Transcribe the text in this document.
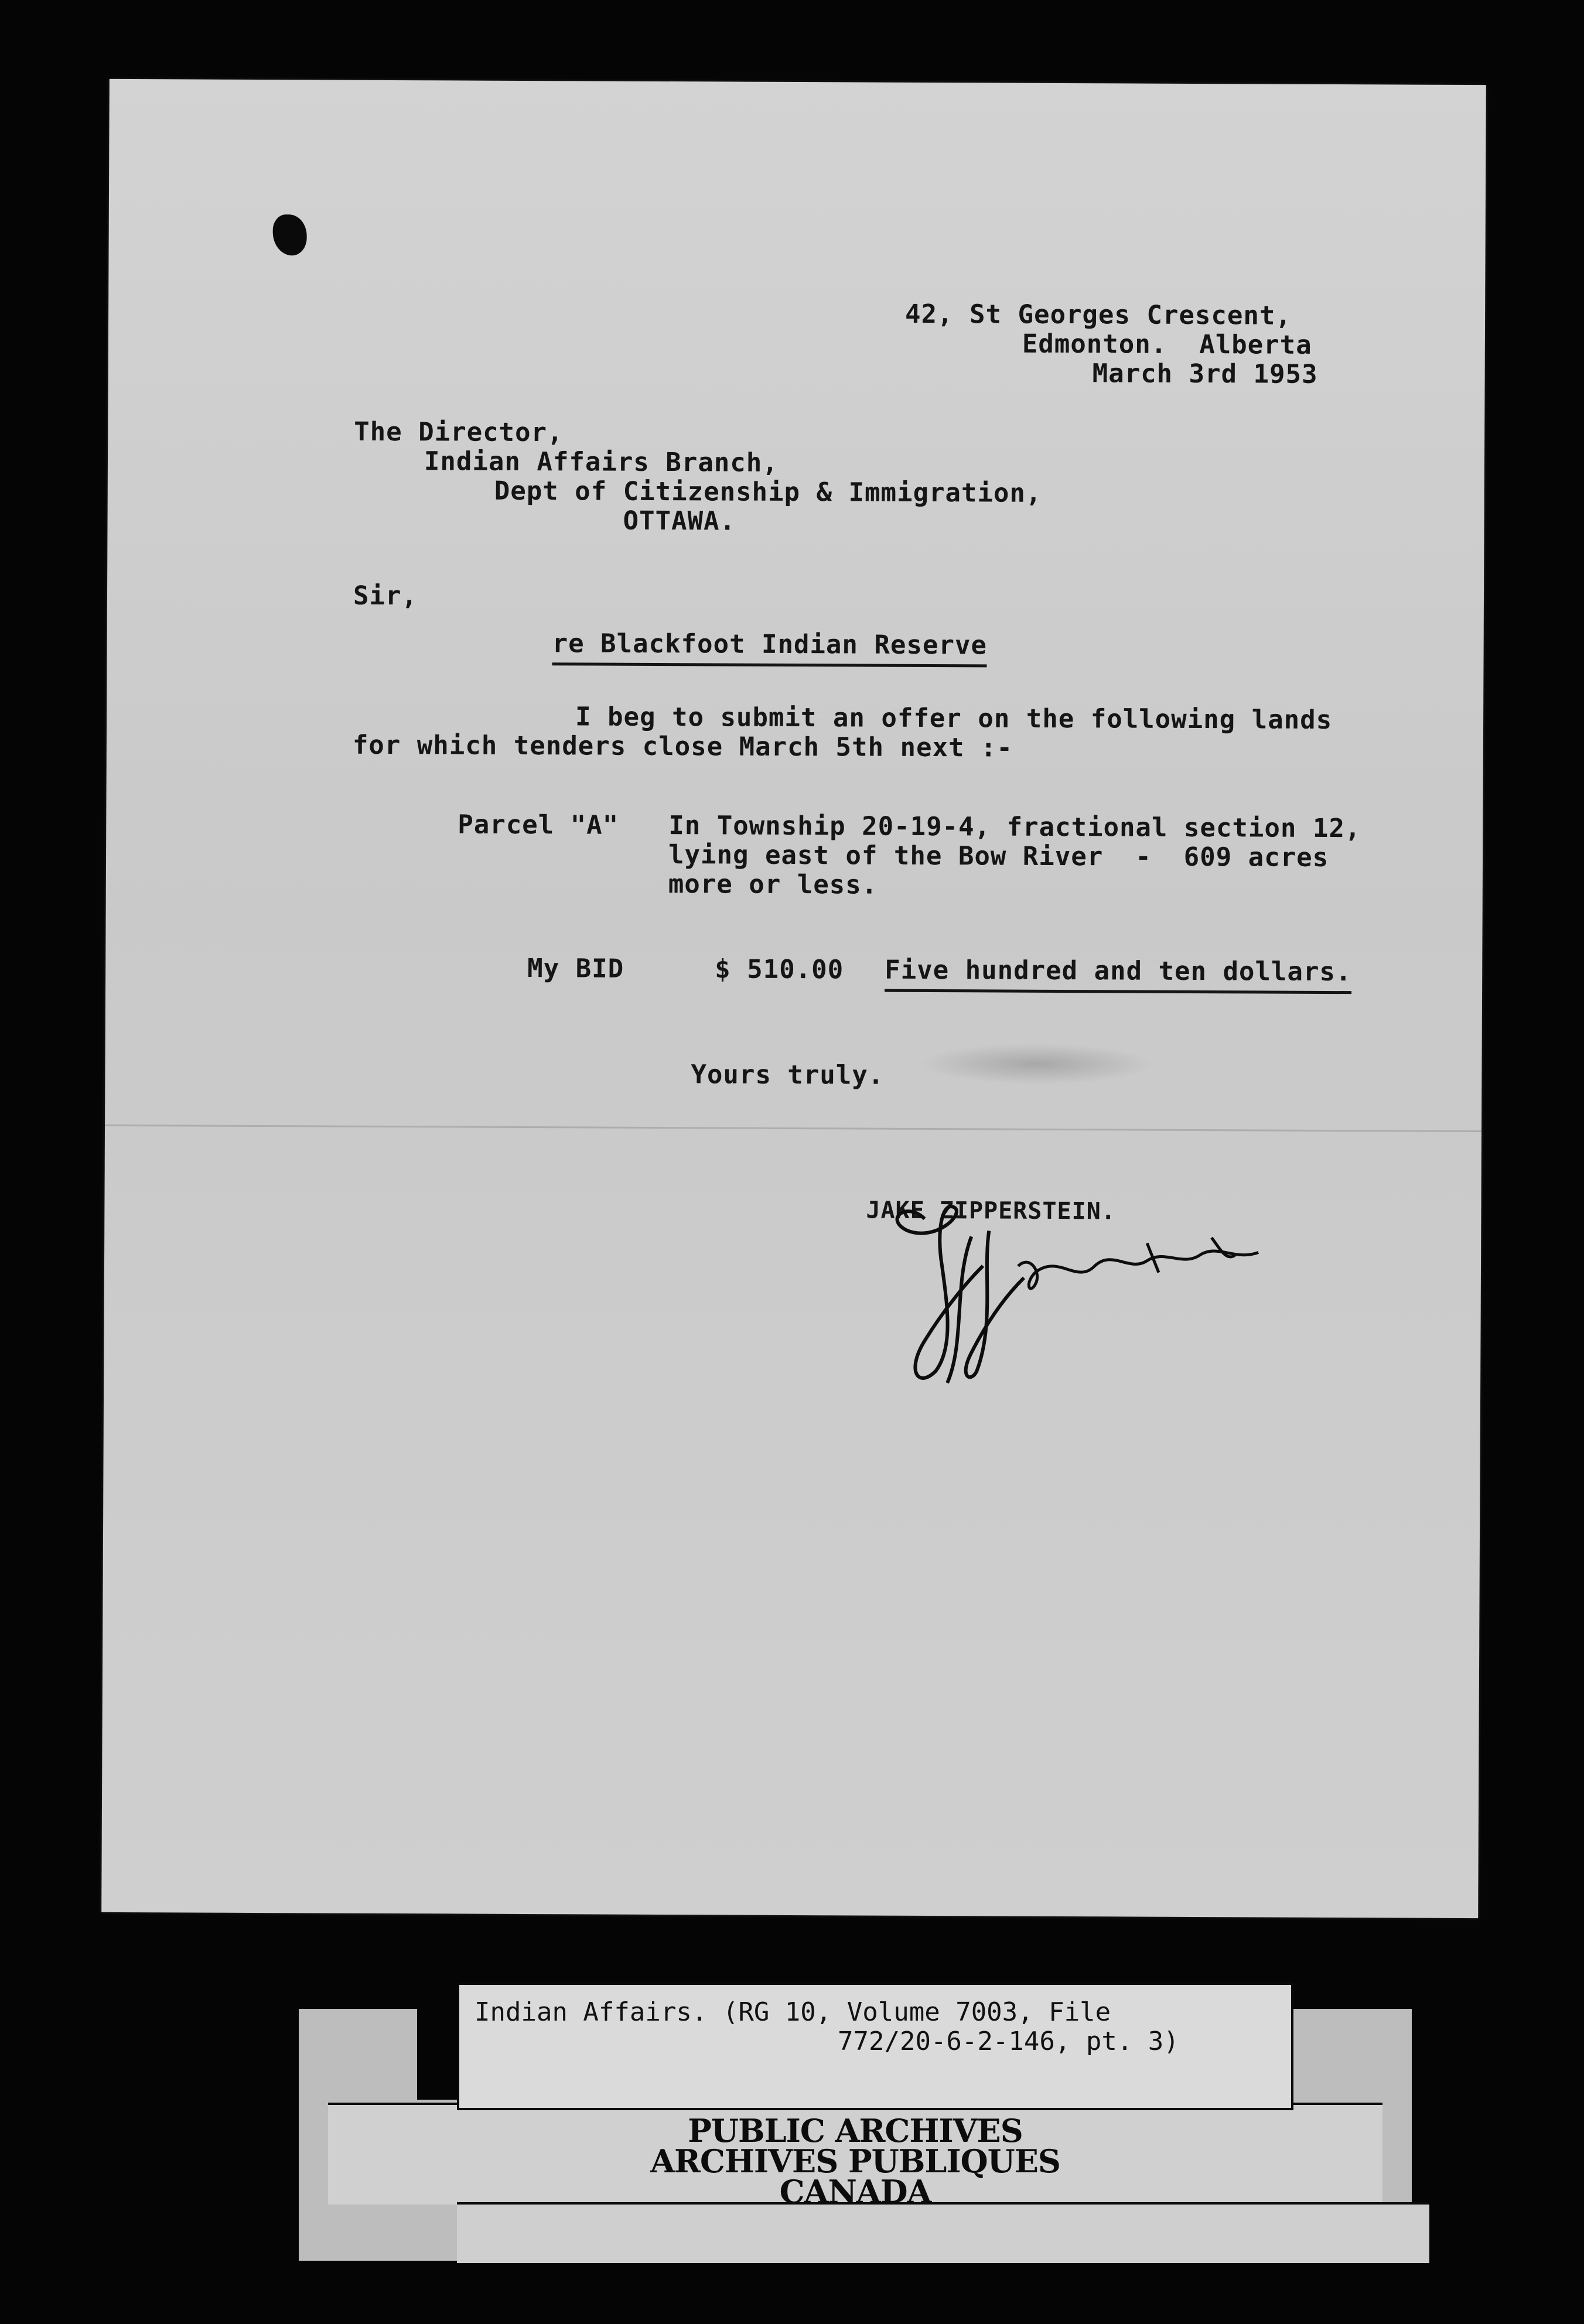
42, St Georges Crescent,
Edmonton.  Alberta
March 3rd 1953
The Director,
Indian Affairs Branch,
Dept of Citizenship & Immigration,
OTTAWA.
Sir,
re Blackfoot Indian Reserve
I beg to submit an offer on the following lands
for which tenders close March 5th next :-
Parcel "A" In Township 20-19-4, fractional section 12,
lying east of the Bow River  -  609 acres
more or less.
My BID	$ 510.00 Five hundred and ten dollars.
Yours truly.
JAKE ZIPPERSTEIN.
Indian Affairs. (RG 10, Volume 7003, File
772/20-6-2-146, pt. 3)
PUBLIC ARCHIVES
ARCHIVES PUBLIQUES
CANADA
